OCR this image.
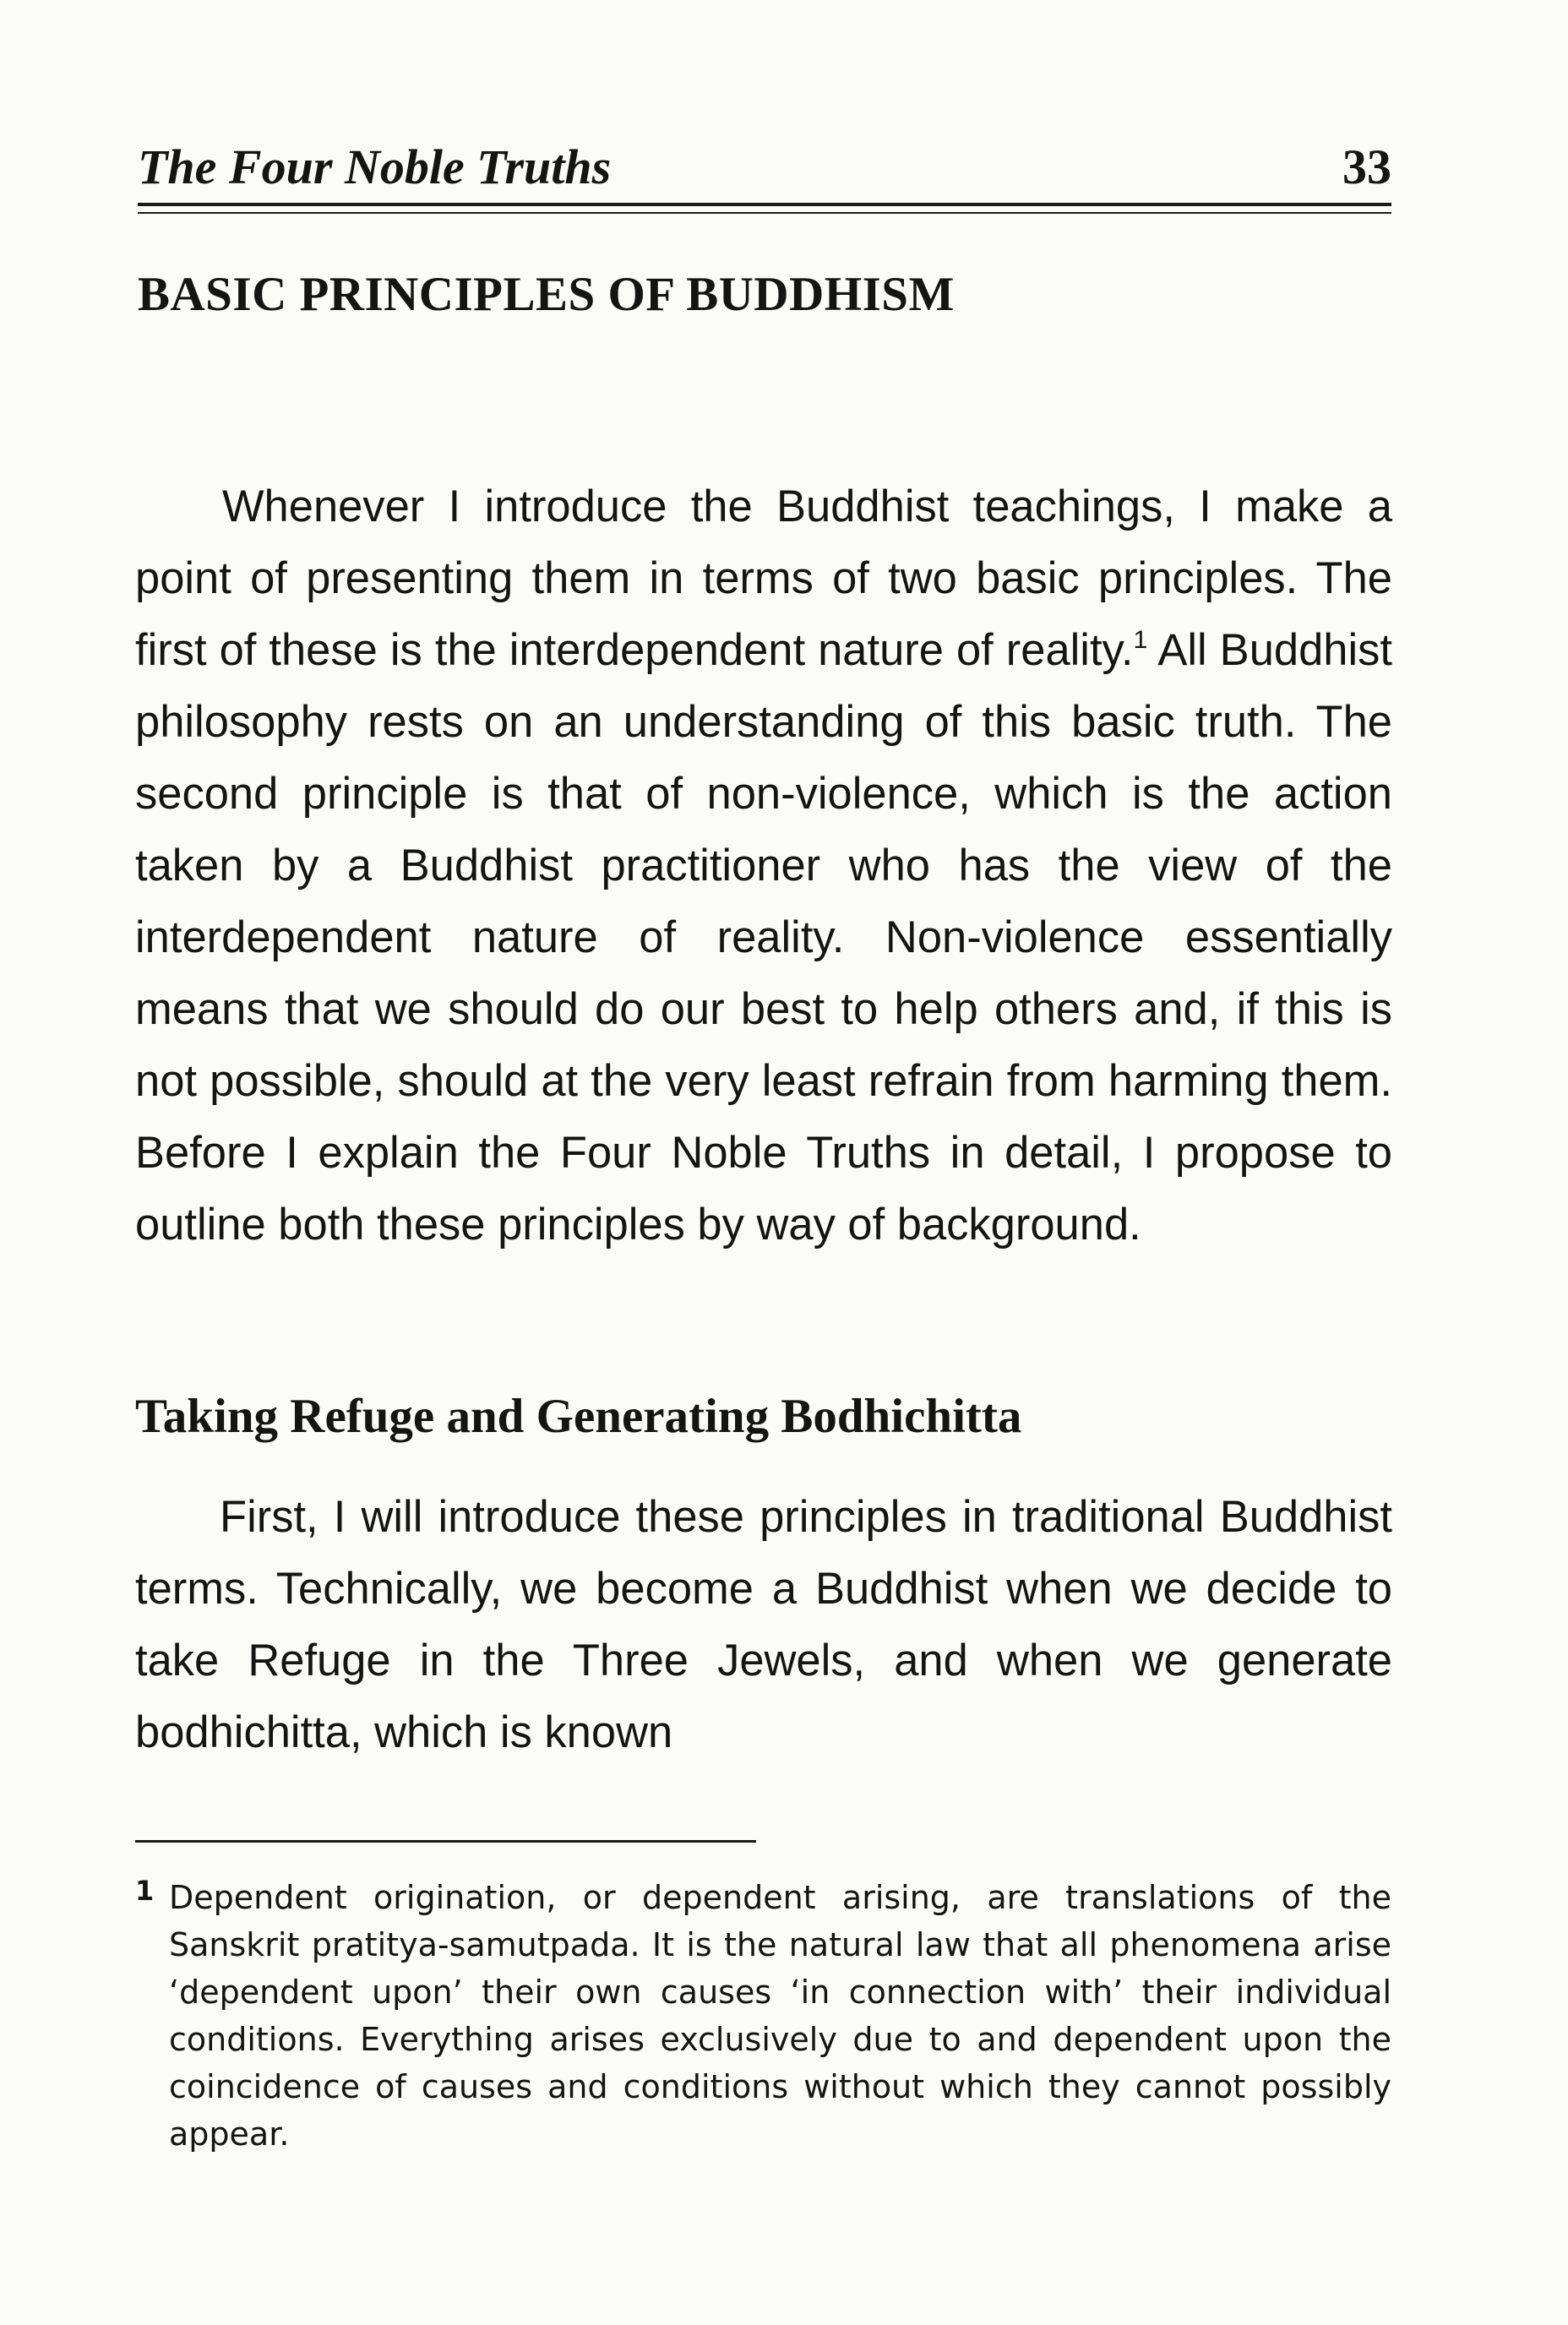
The Four Noble Truths	33
BASIC PRINCIPLES OF BUDDHISM

Whenever I introduce the Buddhist teachings, I make a point of presenting them in terms of two basic principles. The first of these is the interdependent nature of reality.$^1$ All Buddhist philosophy rests on an understanding of this basic truth. The second principle is that of non-violence, which is the action taken by a Buddhist practitioner who has the view of the interdependent nature of reality. Non-violence essentially means that we should do our best to help others and, if this is not possible, should at the very least refrain from harming them. Before I explain the Four Noble Truths in detail, I propose to outline both these principles by way of background.

Taking Refuge and Generating Bodhichitta

First, I will introduce these principles in traditional Buddhist terms. Technically, we become a Buddhist when we decide to take Refuge in the Three Jewels, and when we generate bodhichitta, which is known

1 Dependent origination, or dependent arising, are translations of the Sanskrit pratitya-samutpada. It is the natural law that all phenomena arise ‘dependent upon’ their own causes ‘in connection with’ their individual conditions. Everything arises exclusively due to and dependent upon the coincidence of causes and conditions without which they cannot possibly appear.
